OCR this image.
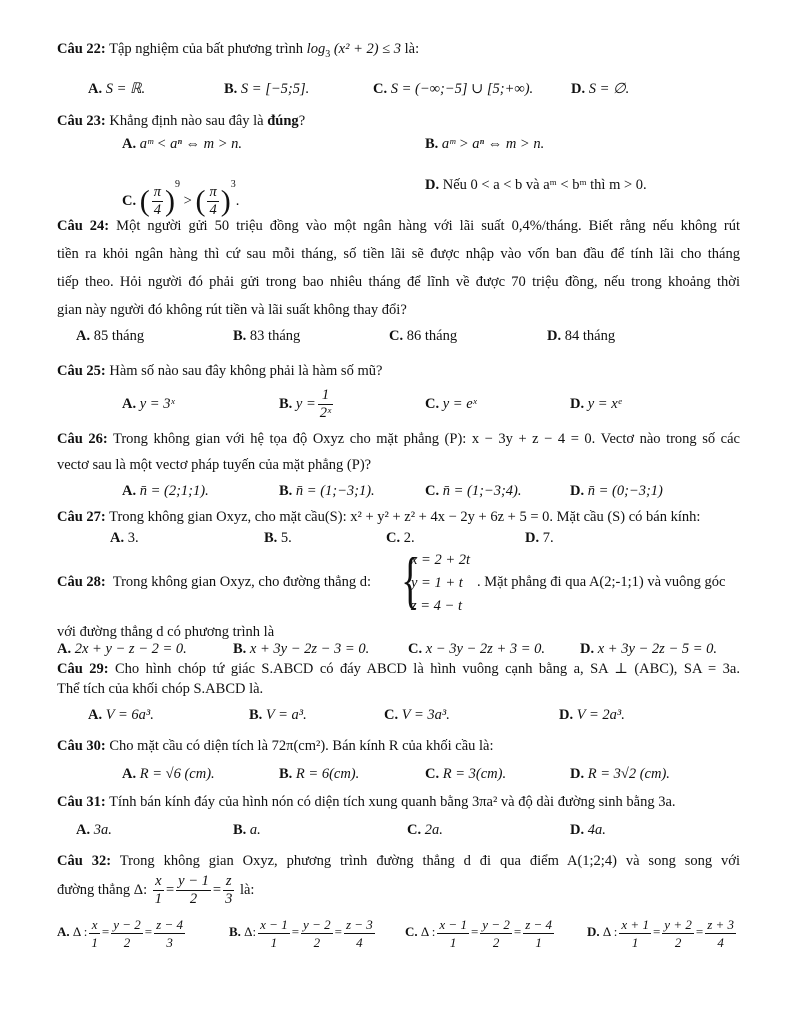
Câu 22: Tập nghiệm của bất phương trình $\log_3 (x^2 + 2) \le 3$ là:
A. S = ℝ.	B. S = [−5;5].	C. S = (−∞;−5] ∪ [5;+∞).	D. S = ∅.
Câu 23: Khẳng định nào sau đây là đúng?
A. aᵐ < aⁿ ⇔ m > n.	B. aᵐ > aⁿ ⇔ m > n.
C. ( $\frac{\pi}{4} )^9$ > ( $\frac{\pi}{4} )^3$.
D. Nếu 0 < a < b và aᵐ < bᵐ thì m > 0.
Câu 24: Một người gửi 50 triệu đồng vào một ngân hàng với lãi suất 0,4%/tháng. Biết rằng nếu không rút
tiền ra khỏi ngân hàng thì cứ sau mỗi tháng, số tiền lãi sẽ được nhập vào vốn ban đầu để tính lãi cho tháng
tiếp theo. Hỏi người đó phải gửi trong bao nhiêu tháng để lĩnh về được 70 triệu đồng, nếu trong khoảng thời
gian này người đó không rút tiền và lãi suất không thay đổi?
A. 85 tháng	B. 83 tháng	C. 86 tháng	D. 84 tháng
Câu 25: Hàm số nào sau đây không phải là hàm số mũ?
A. y = 3ˣ	B. $y = \frac{1}{\text{2ˣ}}$	C. y = eˣ	D. y = xᵉ
Câu 26: Trong không gian với hệ tọa độ Oxyz cho mặt phẳng (P): x − 3y + z − 4 = 0. Vectơ nào trong số các
vectơ sau là một vectơ pháp tuyến của mặt phẳng (P)?
A. n̄ = (2;1;1).	B. n̄ = (1;−3;1).	C. n̄ = (1;−3;4).	D. n̄ = (0;−3;1)
Câu 27: Trong không gian Oxyz, cho mặt cầu(S): x² + y² + z² + 4x − 2y + 6z + 5 = 0. Mặt cầu (S) có bán kính:
A. 3.	B. 5.	C. 2.	D. 7.
Câu 28: Trong không gian Oxyz, cho đường thẳng d: {
x = 2 + 2t
y = 1 + t
z = 4 − t
. Mặt phẳng đi qua A(2;-1;1) và vuông góc
với đường thẳng d có phương trình là
A. 2x + y − z − 2 = 0.	B. x + 3y − 2z − 3 = 0.	C. x − 3y − 2z + 3 = 0. D. x + 3y − 2z − 5 = 0.
Câu 29: Cho hình chóp tứ giác S.ABCD có đáy ABCD là hình vuông cạnh bằng a, SA ⊥ (ABC), SA = 3a.
Thể tích của khối chóp S.ABCD là.
A. V = 6a³.	B. V = a³.	C. V = 3a³.	D. V = 2a³.
Câu 30: Cho mặt cầu có diện tích là 72π(cm²). Bán kính R của khối cầu là:
A. R = √6 (cm).	B. R = 6(cm).	C. R = 3(cm).	D. R = 3√2 (cm).
Câu 31: Tính bán kính đáy của hình nón có diện tích xung quanh bằng 3πa² và độ dài đường sinh bằng 3a.
A. 3a.	B. a.	C. 2a.	D. 4a.
Câu 32: Trong không gian Oxyz, phương trình đường thẳng d đi qua điểm A(1;2;4) và song song với
đường thẳng Δ: $\frac{x}{1} = \frac{y - 1}{2} = \frac{z}{3}$ là:
A. Δ : $\frac{x}{1} = \frac{y - 2}{2} = \frac{z - 4}{3}$	B. Δ: $\frac{x - 1}{1} = \frac{y - 2}{2} = \frac{z - 3}{4} C$. Δ : $\frac{x - 1}{1} = \frac{y - 2}{2} = \frac{z - 4}{1}$	D. Δ : $\frac{x + 1}{1} = \frac{y + 2}{2} = \frac{z + 3}{4}$
